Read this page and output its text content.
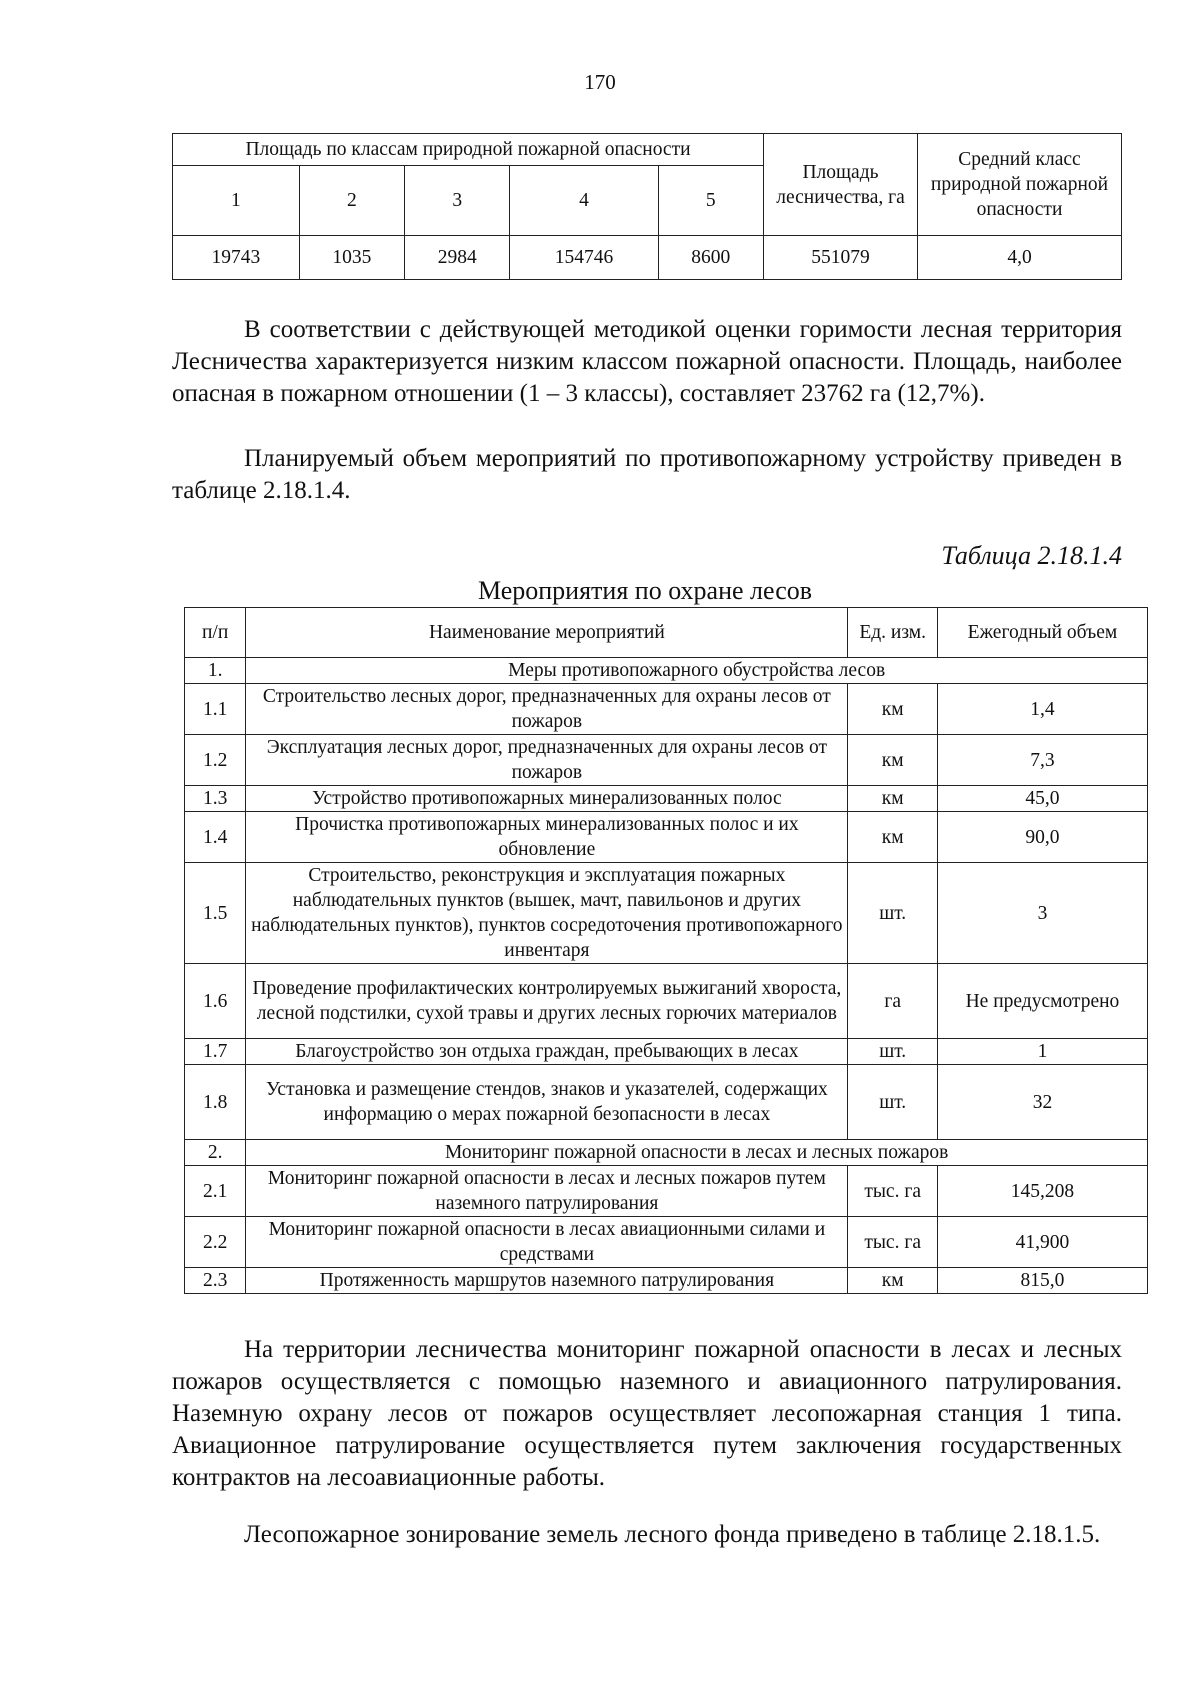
170
Площадь по классам природной пожарной опасности					Площадь лесничества, га	Средний класс природной пожарной опасности
1	2	3	4	5		
19743	1035	2984	154746	8600	551079	4,0

В соответствии с действующей методикой оценки горимости лесная территория Лесничества характеризуется низким классом пожарной опасности. Площадь, наиболее опасная в пожарном отношении (1 – 3 классы), составляет 23762 га (12,7%).

Планируемый объем мероприятий по противопожарному устройству приведен в таблице 2.18.1.4.

Таблица 2.18.1.4
Мероприятия по охране лесов
п/п	Наименование мероприятий	Ед. изм.	Ежегодный объем
1.	Меры противопожарного обустройства лесов		
1.1	Строительство лесных дорог, предназначенных для охраны лесов от пожаров	км	1,4
1.2	Эксплуатация лесных дорог, предназначенных для охраны лесов от пожаров	км	7,3
1.3	Устройство противопожарных минерализованных полос	км	45,0
1.4	Прочистка противопожарных минерализованных полос и их обновление	км	90,0
1.5	Строительство, реконструкция и эксплуатация пожарных наблюдательных пунктов (вышек, мачт, павильонов и других наблюдательных пунктов), пунктов сосредоточения противопожарного инвентаря	шт.	3
1.6	Проведение профилактических контролируемых выжиганий хвороста, лесной подстилки, сухой травы и других лесных горючих материалов	га	Не предусмотрено
1.7	Благоустройство зон отдыха граждан, пребывающих в лесах	шт.	1
1.8	Установка и размещение стендов, знаков и указателей, содержащих информацию о мерах пожарной безопасности в лесах	шт.	32
2.	Мониторинг пожарной опасности в лесах и лесных пожаров		
2.1	Мониторинг пожарной опасности в лесах и лесных пожаров путем наземного патрулирования	тыс. га	145,208
2.2	Мониторинг пожарной опасности в лесах авиационными силами и средствами	тыс. га	41,900
2.3	Протяженность маршрутов наземного патрулирования	км	815,0

На территории лесничества мониторинг пожарной опасности в лесах и лесных пожаров осуществляется с помощью наземного и авиационного патрулирования. Наземную охрану лесов от пожаров осуществляет лесопожарная станция 1 типа. Авиационное патрулирование осуществляется путем заключения государственных контрактов на лесоавиационные работы.

Лесопожарное зонирование земель лесного фонда приведено в таблице 2.18.1.5.
